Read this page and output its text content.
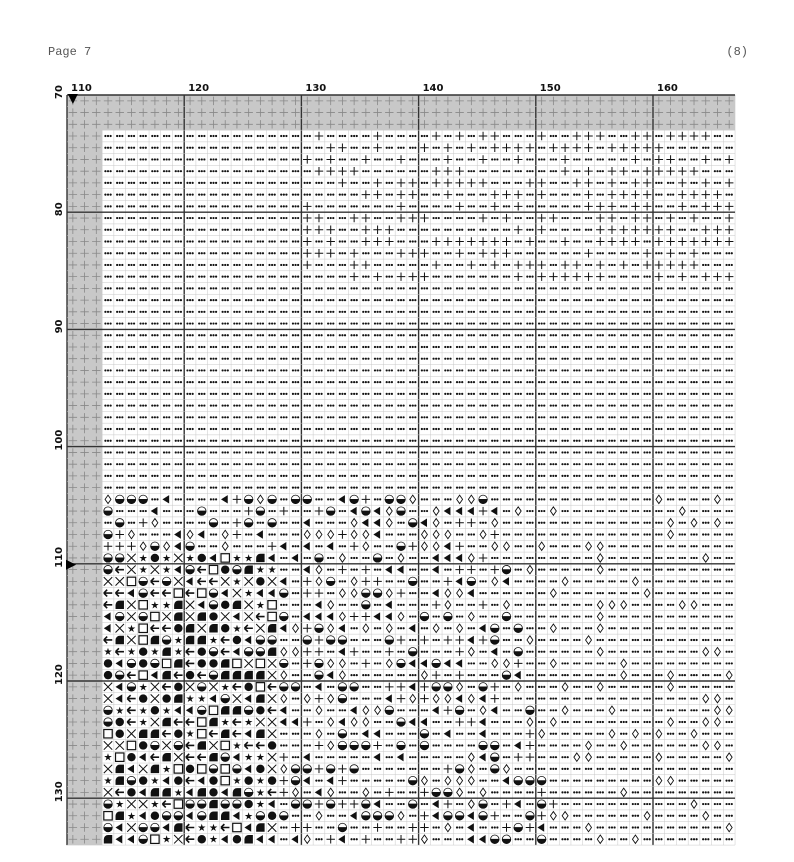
Page 7	(8)
★ ★ ★	★ ★
★ ★	★ ★
★
★
★ ★	★
★	★
★	★
★ ★ ★ ★
★	★
★ ★
★ ★ ★
★	★ ★
★
★
★	★ ★
★
★	★	★ ★
★	★
★	★	★
★	★
★ ★
★	★
110	120	130	140	150	160
70
80
90
100
110
120
130
